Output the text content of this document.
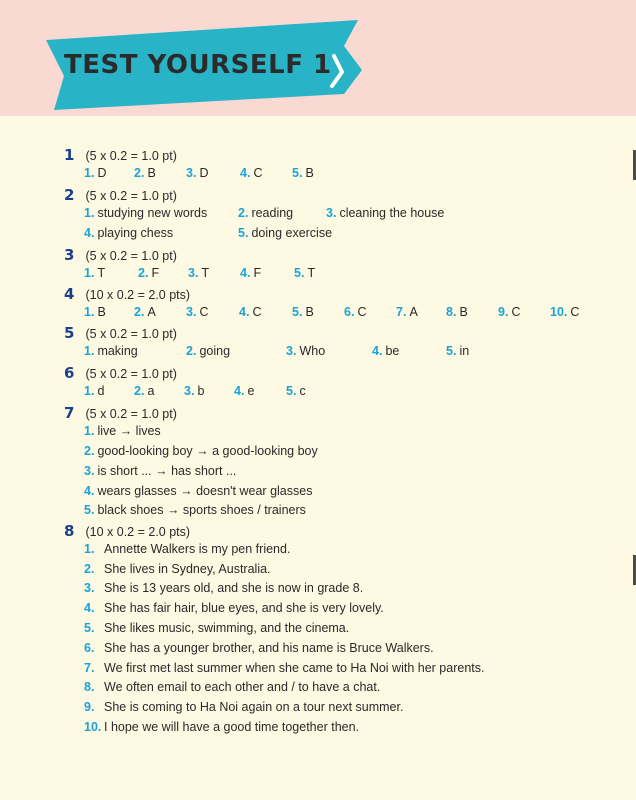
TEST YOURSELF 1
1 (5 x 0.2 = 1.0 pt)
1. D 2. B 3. D	4. C 5. B
2 (5 x 0.2 = 1.0 pt)
1. studying new words 2. reading	3. cleaning the house
4. playing chess	5. doing exercise
3 (5 x 0.2 = 1.0 pt)
1. T	2. F 3. T 4. F	5. T
4 (10 x 0.2 = 2.0 pts)
1. B 2. A 3. C 4. C 5. B 6. C 7. A 8. B 9. C 10. C
5 (5 x 0.2 = 1.0 pt)
1. making	2. going	3. Who	4. be	5. in
6 (5 x 0.2 = 1.0 pt)
1. d 2. a 3. b 4. e	5. c
7 (5 x 0.2 = 1.0 pt)
1. live → lives
2. good-looking boy → a good-looking boy
3. is short ... → has short ...
4. wears glasses → doesn't wear glasses
5. black shoes → sports shoes / trainers
8 (10 x 0.2 = 2.0 pts)
1. Annette Walkers is my pen friend.
2. She lives in Sydney, Australia.
3. She is 13 years old, and she is now in grade 8.
4. She has fair hair, blue eyes, and she is very lovely.
5. She likes music, swimming, and the cinema.
6. She has a younger brother, and his name is Bruce Walkers.
7. We first met last summer when she came to Ha Noi with her parents.
8. We often email to each other and / to have a chat.
9. She is coming to Ha Noi again on a tour next summer.
10. I hope we will have a good time together then.
